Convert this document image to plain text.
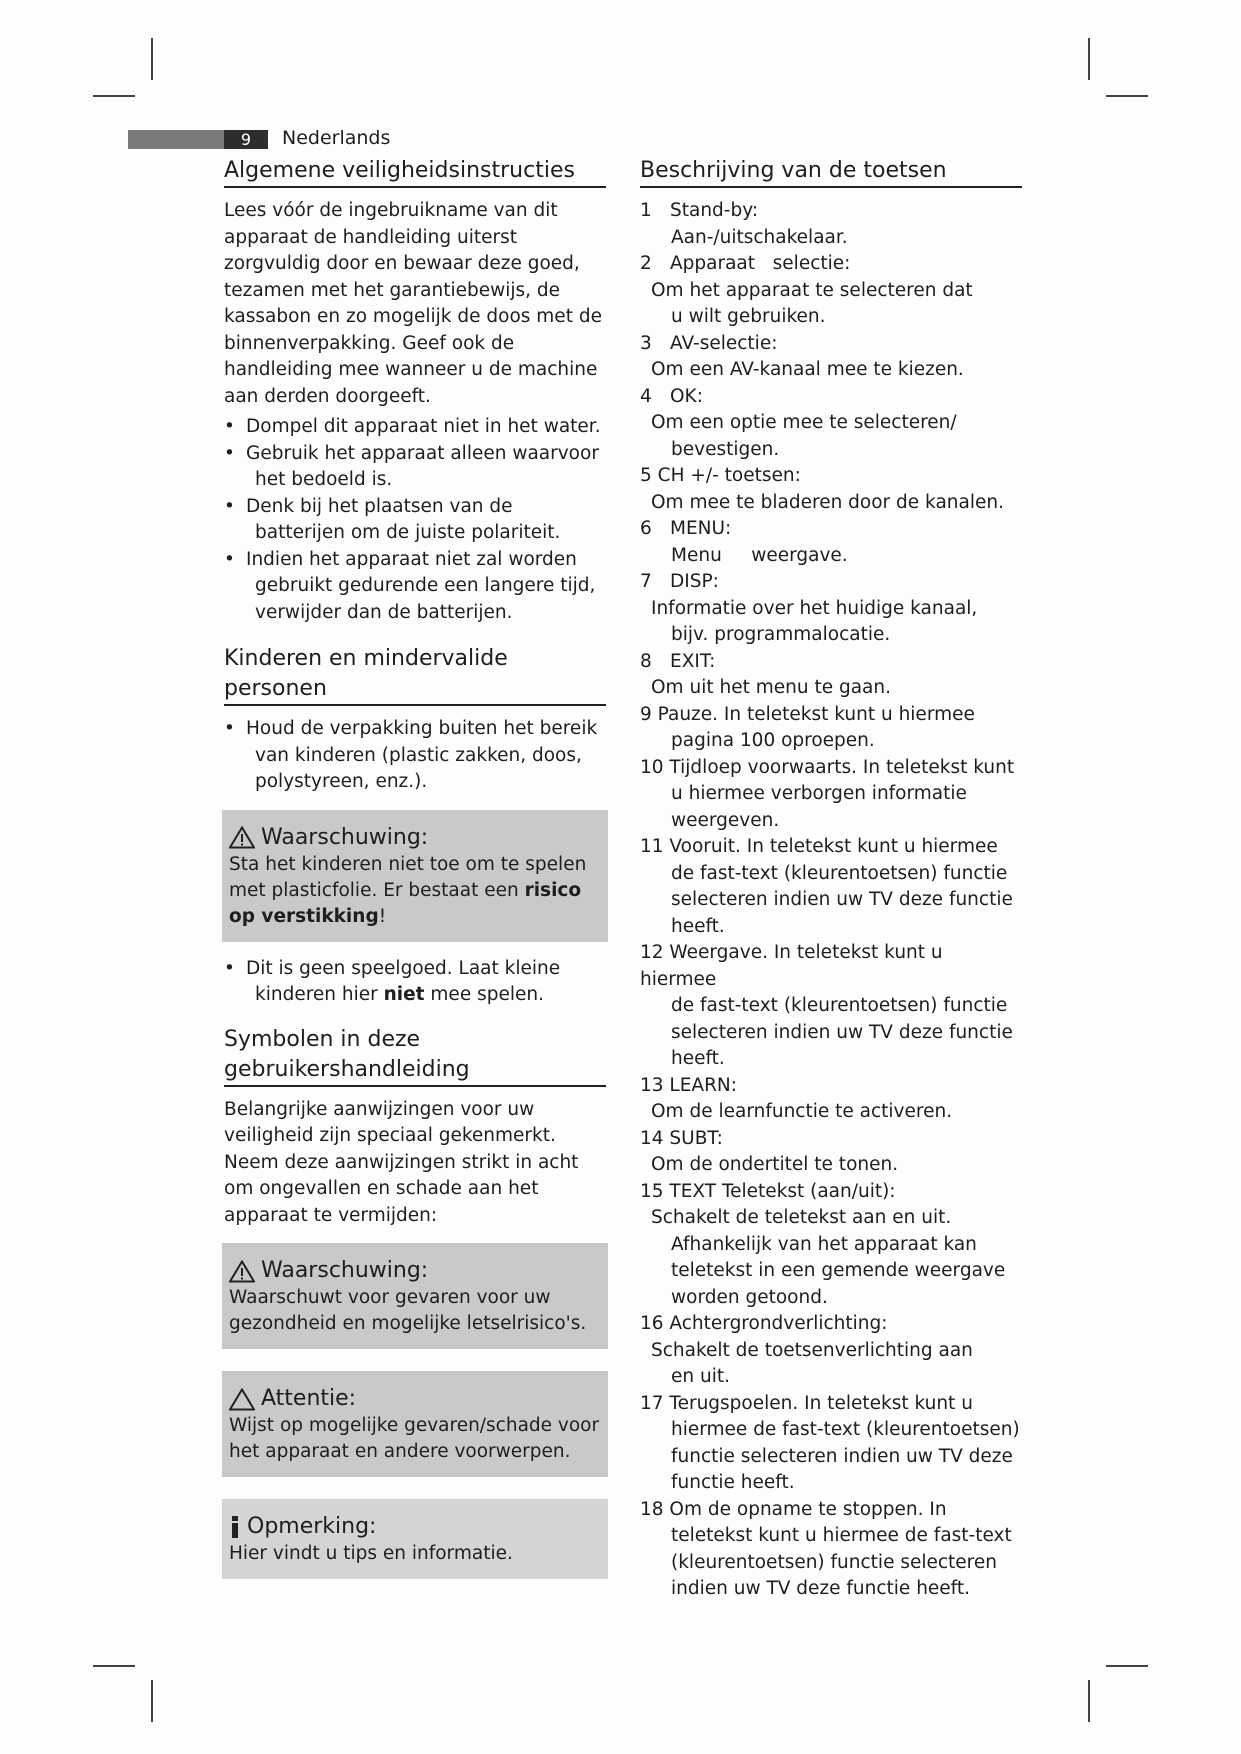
9	Nederlands
Algemene veiligheidsinstructies

Lees vóór de ingebruikname van dit apparaat de handleiding uiterst zorgvuldig door en bewaar deze goed, tezamen met het garantiebewijs, de kassabon en zo mogelijk de doos met de binnenverpakking. Geef ook de handleiding mee wanneer u de machine aan derden doorgeeft.

• Dompel dit apparaat niet in het water.
• Gebruik het apparaat alleen waarvoor het bedoeld is.
• Denk bij het plaatsen van de batterijen om de juiste polariteit.
• Indien het apparaat niet zal worden gebruikt gedurende een langere tijd, verwijder dan de batterijen.
Kinderen en mindervalide personen
• Houd de verpakking buiten het bereik van kinderen (plastic zakken, doos, polystyreen, enz.).
Waarschuwing:
Sta het kinderen niet toe om te spelen met plasticfolie. Er bestaat een risico op verstikking!
• Dit is geen speelgoed. Laat kleine kinderen hier niet mee spelen.
Symbolen in deze
gebruikershandleiding

Belangrijke aanwijzingen voor uw veiligheid zijn speciaal gekenmerkt. Neem deze aanwijzingen strikt in acht om ongevallen en schade aan het apparaat te vermijden:

Waarschuwing:
Waarschuwt voor gevaren voor uw gezondheid en mogelijke letselrisico's.
Attentie:
Wijst op mogelijke gevaren/schade voor het apparaat en andere voorwerpen.
Opmerking:
Hier vindt u tips en informatie.
Beschrijving van de toetsen
1 Stand-by:
Aan-/uitschakelaar.
2 Apparaat   selectie:
Om het apparaat te selecteren dat
u wilt gebruiken.
3 AV-selectie:
Om een AV-kanaal mee te kiezen.
4 OK:
Om een optie mee te selecteren/
bevestigen.
5 CH +/- toetsen:
Om mee te bladeren door de kanalen.
6 MENU:
Menu     weergave.
7 DISP:
Informatie over het huidige kanaal,
bijv. programmalocatie.
8 EXIT:
Om uit het menu te gaan.
9 Pauze. In teletekst kunt u hiermee
pagina 100 oproepen.
10 Tijdloep voorwaarts. In teletekst kunt
u hiermee verborgen informatie
weergeven.
11 Vooruit. In teletekst kunt u hiermee
de fast-text (kleurentoetsen) functie
selecteren indien uw TV deze functie
heeft.
12 Weergave. In teletekst kunt u hiermee
de fast-text (kleurentoetsen) functie
selecteren indien uw TV deze functie
heeft.
13 LEARN:
Om de learnfunctie te activeren.
14 SUBT:
Om de ondertitel te tonen.
15 TEXT Teletekst (aan/uit):
Schakelt de teletekst aan en uit.
Afhankelijk van het apparaat kan
teletekst in een gemende weergave
worden getoond.
16 Achtergrondverlichting:
Schakelt de toetsenverlichting aan
en uit.
17 Terugspoelen. In teletekst kunt u
hiermee de fast-text (kleurentoetsen)
functie selecteren indien uw TV deze
functie heeft.
18 Om de opname te stoppen. In
teletekst kunt u hiermee de fast-text
(kleurentoetsen) functie selecteren
indien uw TV deze functie heeft.
